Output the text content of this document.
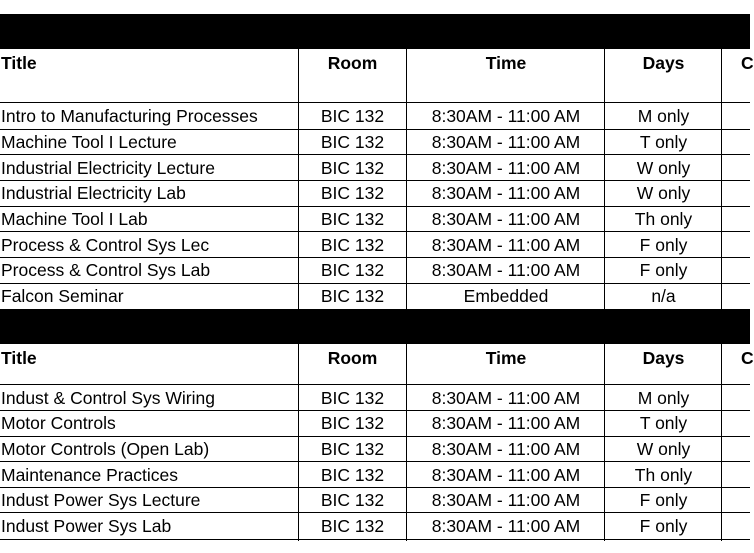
Title	Room	Time	Days	C
Intro to Manufacturing Processes	BIC 132	8:30AM - 11:00 AM	M only
Machine Tool I Lecture	BIC 132	8:30AM - 11:00 AM	T only
Industrial Electricity Lecture	BIC 132	8:30AM - 11:00 AM	W only
Industrial Electricity Lab	BIC 132	8:30AM - 11:00 AM	W only
Machine Tool I Lab	BIC 132	8:30AM - 11:00 AM	Th only
Process & Control Sys Lec	BIC 132	8:30AM - 11:00 AM	F only
Process & Control Sys Lab	BIC 132	8:30AM - 11:00 AM	F only
Falcon Seminar	BIC 132	Embedded	n/a
Title	Room	Time	Days	C
Indust & Control Sys Wiring	BIC 132	8:30AM - 11:00 AM	M only
Motor Controls	BIC 132	8:30AM - 11:00 AM	T only
Motor Controls (Open Lab)	BIC 132	8:30AM - 11:00 AM	W only
Maintenance Practices	BIC 132	8:30AM - 11:00 AM	Th only
Indust Power Sys Lecture	BIC 132	8:30AM - 11:00 AM	F only
Indust Power Sys Lab	BIC 132	8:30AM - 11:00 AM	F only
